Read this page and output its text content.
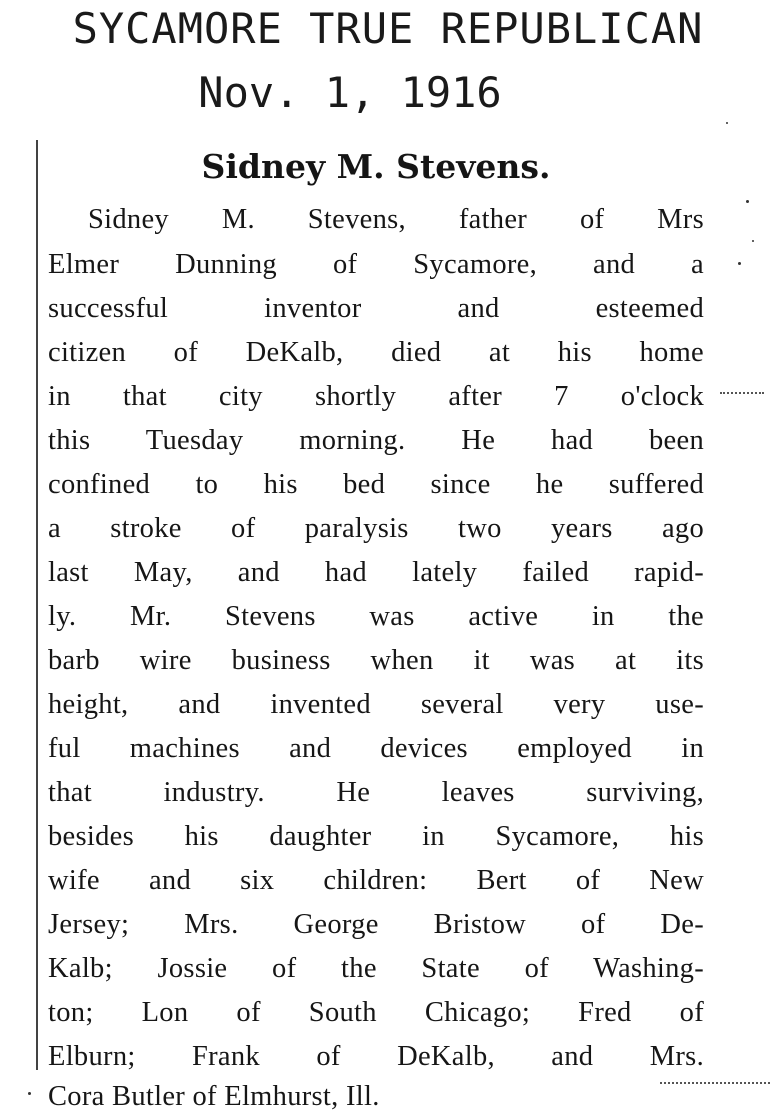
SYCAMORE TRUE REPUBLICAN
Nov. 1, 1916
Sidney M. Stevens.
Sidney M. Stevens, father of Mrs
Elmer Dunning of Sycamore, and a
successful inventor and esteemed
citizen of DeKalb, died at his home
in that city shortly after 7 o'clock
this Tuesday morning. He had been
confined to his bed since he suffered
a stroke of paralysis two years ago
last May, and had lately failed rapid-
ly. Mr. Stevens was active in the
barb wire business when it was at its
height, and invented several very use-
ful machines and devices employed in
that industry. He leaves surviving,
besides his daughter in Sycamore, his
wife and six children: Bert of New
Jersey; Mrs. George Bristow of De-
Kalb; Jossie of the State of Washing-
ton; Lon of South Chicago; Fred of
Elburn; Frank of DeKalb, and Mrs.
Cora Butler of Elmhurst, Ill.
